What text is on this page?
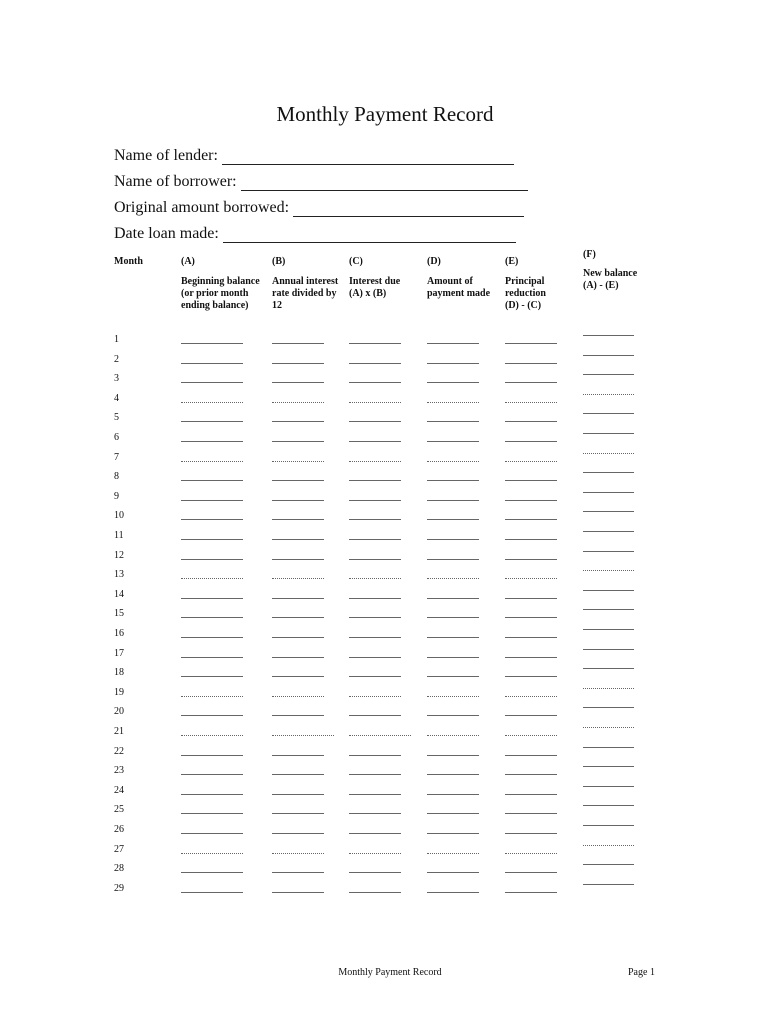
Monthly Payment Record
Name of lender:
Name of borrower:
Original amount borrowed:
Date loan made:
Month	(A)
Beginning balance
(or prior month
ending balance)
(B)
Annual interest
rate divided by
12
(C)
Interest due
(A) x (B)
(D)
Amount of
payment made
(E)
Principal
reduction
(D) - (C)
(F)
New balance
(A) - (E)
1
2
3
4
5
6
7
8
9
10
11
12
13
14
15
16
17
18
19
20
21
22
23
24
25
26
27
28
29
Monthly Payment Record	Page 1
